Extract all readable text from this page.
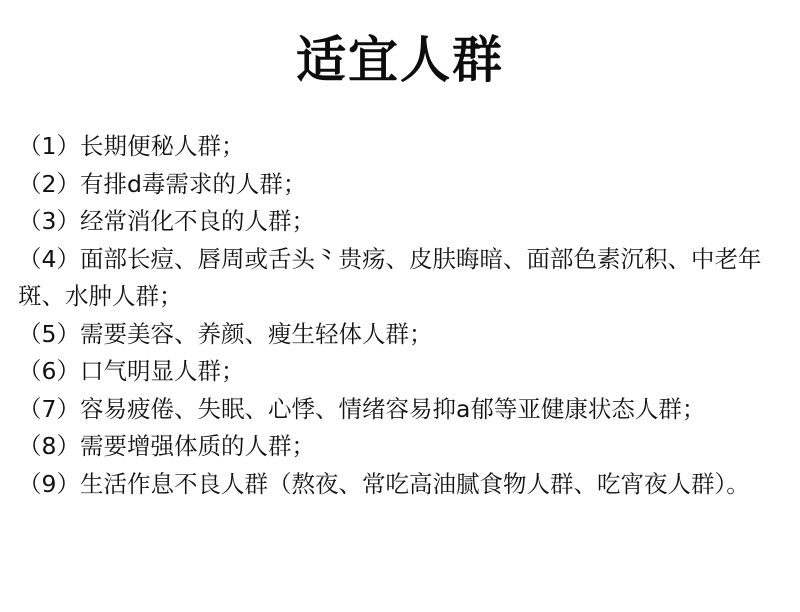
适宜人群
（1）长期便秘人群；
（2）有排d毒需求的人群；
（3）经常消化不良的人群；
（4）面部长痘、唇周或舌头⺀贵疡、皮肤晦暗、面部色素沉积、中老年斑、水肿人群；
（5）需要美容、养颜、瘦生轻体人群；
（6）口气明显人群；
（7）容易疲倦、失眠、心悸、情绪容易抑a郁等亚健康状态人群；
（8）需要增强体质的人群；
（9）生活作息不良人群（熬夜、常吃高油腻食物人群、吃宵夜人群）。
